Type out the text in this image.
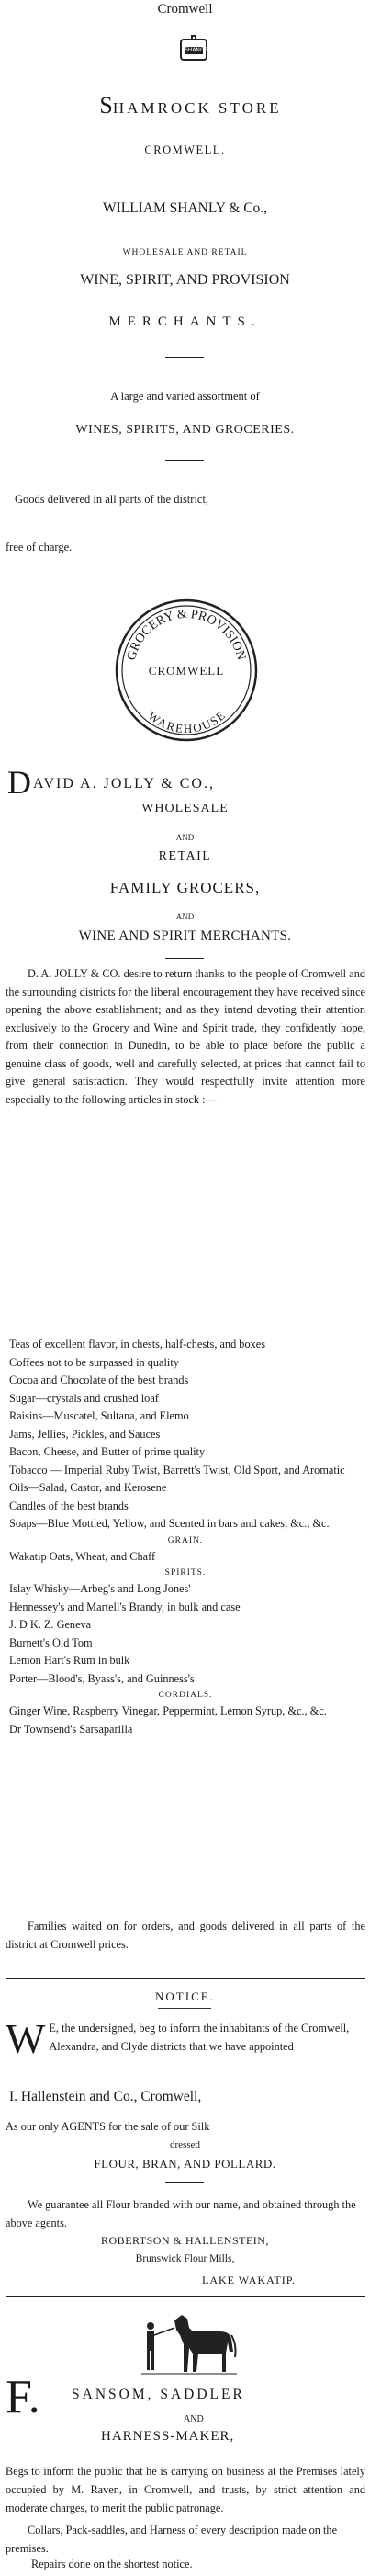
Cromwell
SHANGS
SHAMROCK STORE
CROMWELL.
WILLIAM SHANLY & Co.,
WHOLESALE AND RETAIL
WINE, SPIRIT, AND PROVISION
MERCHANTS.
A large and varied assortment of
WINES, SPIRITS, AND GROCERIES.
Goods delivered in all parts of the district,
free of charge.
GROCERY & PROVISION
CROMWELL
WAREHOUSE
DAVID A. JOLLY & CO.,
WHOLESALE
AND
RETAIL
FAMILY GROCERS,
AND
WINE AND SPIRIT MERCHANTS.
D. A. JOLLY & CO. desire to return thanks to the people of Cromwell and the surrounding districts for the liberal encouragement they have received since opening the above establishment; and as they intend devoting their attention exclusively to the Grocery and Wine and Spirit trade, they confidently hope, from their connection in Dunedin, to be able to place before the public a genuine class of goods, well and carefully selected, at prices that cannot fail to give general satisfaction. They would respectfully invite attention more especially to the following articles in stock :—
Teas of excellent flavor, in chests, half-chests, and boxes
Coffees not to be surpassed in quality
Cocoa and Chocolate of the best brands
Sugar—crystals and crushed loaf
Raisins—Muscatel, Sultana, and Elemo
Jams, Jellies, Pickles, and Sauces
Bacon, Cheese, and Butter of prime quality
Tobacco — Imperial Ruby Twist, Barrett's Twist, Old Sport, and Aromatic
Oils—Salad, Castor, and Kerosene
Candles of the best brands
Soaps—Blue Mottled, Yellow, and Scented in bars and cakes, &c., &c.
GRAIN.
Wakatip Oats, Wheat, and Chaff
SPIRITS.
Islay Whisky—Arbeg's and Long Jones'
Hennessey's and Martell's Brandy, in bulk and case
J. D K. Z. Geneva
Burnett's Old Tom
Lemon Hart's Rum in bulk
Porter—Blood's, Byass's, and Guinness's
CORDIALS.
Ginger Wine, Raspberry Vinegar, Peppermint, Lemon Syrup, &c., &c.
Dr Townsend's Sarsaparilla
Families waited on for orders, and goods delivered in all parts of the district at Cromwell prices.
NOTICE.
W E, the undersigned, beg to inform the inhabitants of the Cromwell, Alexandra, and Clyde districts that we have appointed
I. Hallenstein and Co., Cromwell,
As our only AGENTS for the sale of our Silk
dressed
FLOUR, BRAN, AND POLLARD.
We guarantee all Flour branded with our name, and obtained through the above agents.
ROBERTSON & HALLENSTEIN,
Brunswick Flour Mills,
LAKE WAKATIP.
F.	SANSOM, SADDLER
AND
HARNESS-MAKER,
Begs to inform the public that he is carrying on business at the Premises lately occupied by M. Raven, in Cromwell, and trusts, by strict attention and moderate charges, to merit the public patronage.
Collars, Pack-saddles, and Harness of every description made on the premises.
Repairs done on the shortest notice.
